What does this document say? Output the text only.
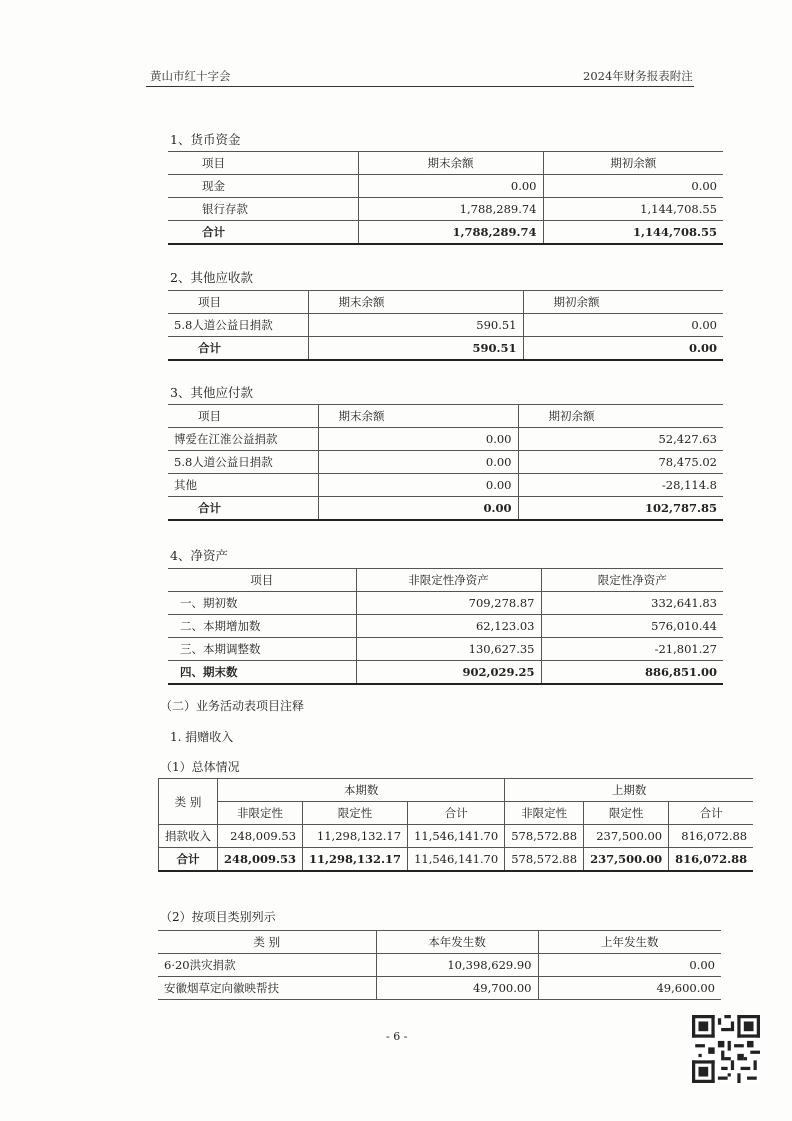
黄山市红十字会	2024年财务报表附注
1、货币资金
项目	期末余额	期初余额
现金	0.00	0.00
银行存款	1,788,289.74	1,144,708.55
合计	1,788,289.74	1,144,708.55
2、其他应收款
项目	期末余额	期初余额
5.8人道公益日捐款	590.51	0.00
合计	590.51	0.00
3、其他应付款
项目	期末余额	期初余额
博爱在江淮公益捐款	0.00	52,427.63
5.8人道公益日捐款	0.00	78,475.02
其他	0.00	-28,114.8
合计	0.00	102,787.85
4、净资产
项目	非限定性净资产	限定性净资产
一、期初数	709,278.87	332,641.83
二、本期增加数	62,123.03	576,010.44
三、本期调整数	130,627.35	-21,801.27
四、期末数	902,029.25	886,851.00
（二）业务活动表项目注释
1. 捐赠收入
（1）总体情况
类 别	本期数			上期数		
	非限定性	限定性	合计	非限定性	限定性	合计
捐款收入	248,009.53	11,298,132.17	11,546,141.70	578,572.88	237,500.00	816,072.88
合计	248,009.53	11,298,132.17	11,546,141.70	578,572.88	237,500.00	816,072.88
（2）按项目类别列示
类 别	本年发生数	上年发生数
6·20洪灾捐款	10,398,629.90	0.00
安徽烟草定向徽映帮扶	49,700.00	49,600.00
- 6 -
